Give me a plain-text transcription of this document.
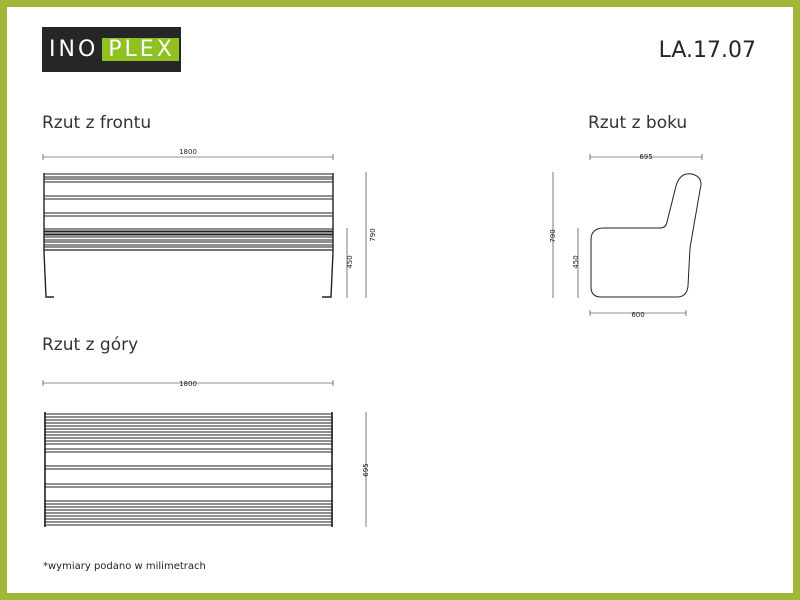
INO PLEX	LA.17.07
Rzut z frontu	Rzut z boku
Rzut z góry
*wymiary podano w milimetrach
1800
790
450
695
790
450
600
1800
695
